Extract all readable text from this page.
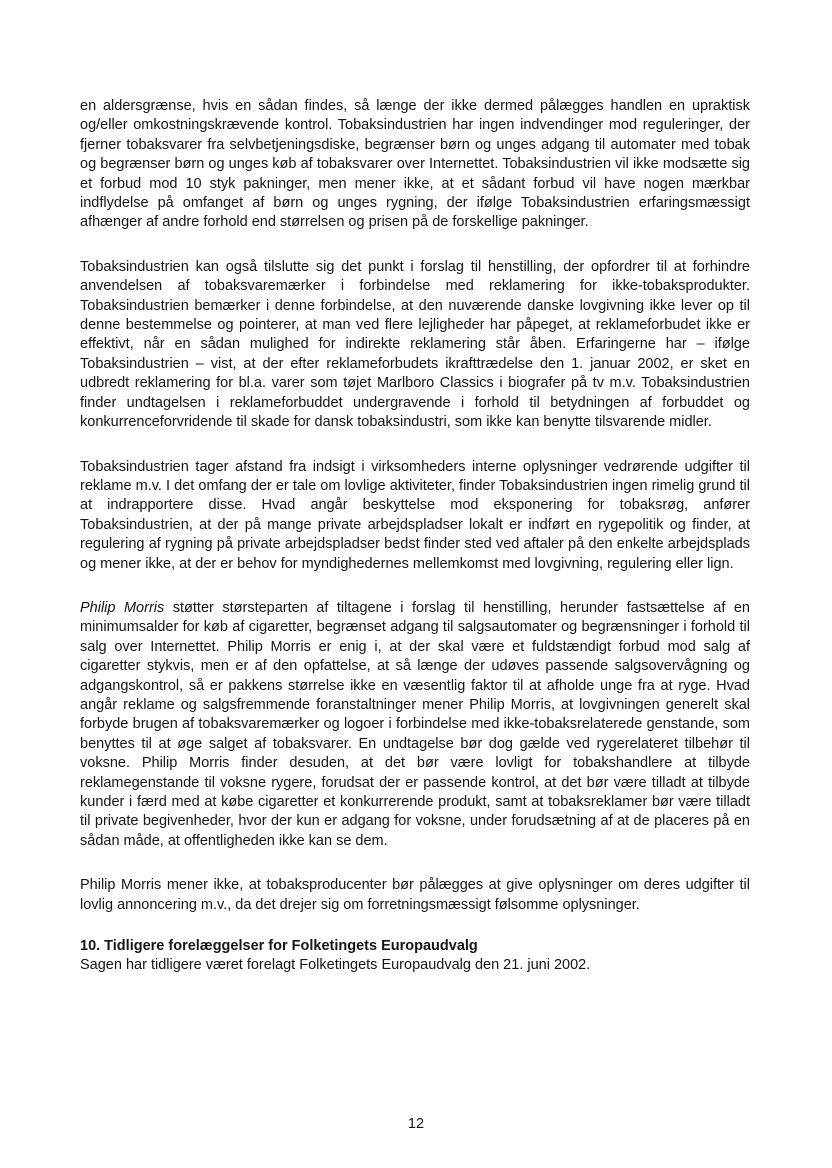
en aldersgrænse, hvis en sådan findes, så længe der ikke dermed pålægges handlen en upraktisk og/eller omkostningskrævende kontrol. Tobaksindustrien har ingen indvendinger mod reguleringer, der fjerner tobaksvarer fra selvbetjeningsdiske, begrænser børn og unges adgang til automater med tobak og begrænser børn og unges køb af tobaksvarer over Internettet. Tobaksindustrien vil ikke modsætte sig et forbud mod 10 styk pakninger, men mener ikke, at et sådant forbud vil have nogen mærkbar indflydelse på omfanget af børn og unges rygning, der ifølge Tobaksindustrien erfaringsmæssigt afhænger af andre forhold end størrelsen og prisen på de forskellige pakninger.

Tobaksindustrien kan også tilslutte sig det punkt i forslag til henstilling, der opfordrer til at forhindre anvendelsen af tobaksvaremærker i forbindelse med reklamering for ikke-tobaksprodukter. Tobaksindustrien bemærker i denne forbindelse, at den nuværende danske lovgivning ikke lever op til denne bestemmelse og pointerer, at man ved flere lejligheder har påpeget, at reklameforbudet ikke er effektivt, når en sådan mulighed for indirekte reklamering står åben. Erfaringerne har – ifølge Tobaksindustrien – vist, at der efter reklameforbudets ikrafttrædelse den 1. januar 2002, er sket en udbredt reklamering for bl.a. varer som tøjet Marlboro Classics i biografer på tv m.v. Tobaksindustrien finder undtagelsen i reklameforbuddet undergravende i forhold til betydningen af forbuddet og konkurrenceforvridende til skade for dansk tobaksindustri, som ikke kan benytte tilsvarende midler.

Tobaksindustrien tager afstand fra indsigt i virksomheders interne oplysninger vedrørende udgifter til reklame m.v. I det omfang der er tale om lovlige aktiviteter, finder Tobaksindustrien ingen rimelig grund til at indrapportere disse. Hvad angår beskyttelse mod eksponering for tobaksrøg, anfører Tobaksindustrien, at der på mange private arbejdspladser lokalt er indført en rygepolitik og finder, at regulering af rygning på private arbejdspladser bedst finder sted ved aftaler på den enkelte arbejdsplads og mener ikke, at der er behov for myndighedernes mellemkomst med lovgivning, regulering eller lign.

Philip Morris støtter størsteparten af tiltagene i forslag til henstilling, herunder fastsættelse af en minimumsalder for køb af cigaretter, begrænset adgang til salgsautomater og begrænsninger i forhold til salg over Internettet. Philip Morris er enig i, at der skal være et fuldstændigt forbud mod salg af cigaretter stykvis, men er af den opfattelse, at så længe der udøves passende salgsovervågning og adgangskontrol, så er pakkens størrelse ikke en væsentlig faktor til at afholde unge fra at ryge. Hvad angår reklame og salgsfremmende foranstaltninger mener Philip Morris, at lovgivningen generelt skal forbyde brugen af tobaksvaremærker og logoer i forbindelse med ikke-tobaksrelaterede genstande, som benyttes til at øge salget af tobaksvarer. En undtagelse bør dog gælde ved rygerelateret tilbehør til voksne. Philip Morris finder desuden, at det bør være lovligt for tobakshandlere at tilbyde reklamegenstande til voksne rygere, forudsat der er passende kontrol, at det bør være tilladt at tilbyde kunder i færd med at købe cigaretter et konkurrerende produkt, samt at tobaksreklamer bør være tilladt til private begivenheder, hvor der kun er adgang for voksne, under forudsætning af at de placeres på en sådan måde, at offentligheden ikke kan se dem.

Philip Morris mener ikke, at tobaksproducenter bør pålægges at give oplysninger om deres udgifter til lovlig annoncering m.v., da det drejer sig om forretningsmæssigt følsomme oplysninger.

10. Tidligere forelæggelser for Folketingets Europaudvalg

Sagen har tidligere været forelagt Folketingets Europaudvalg den 21. juni 2002.

12
